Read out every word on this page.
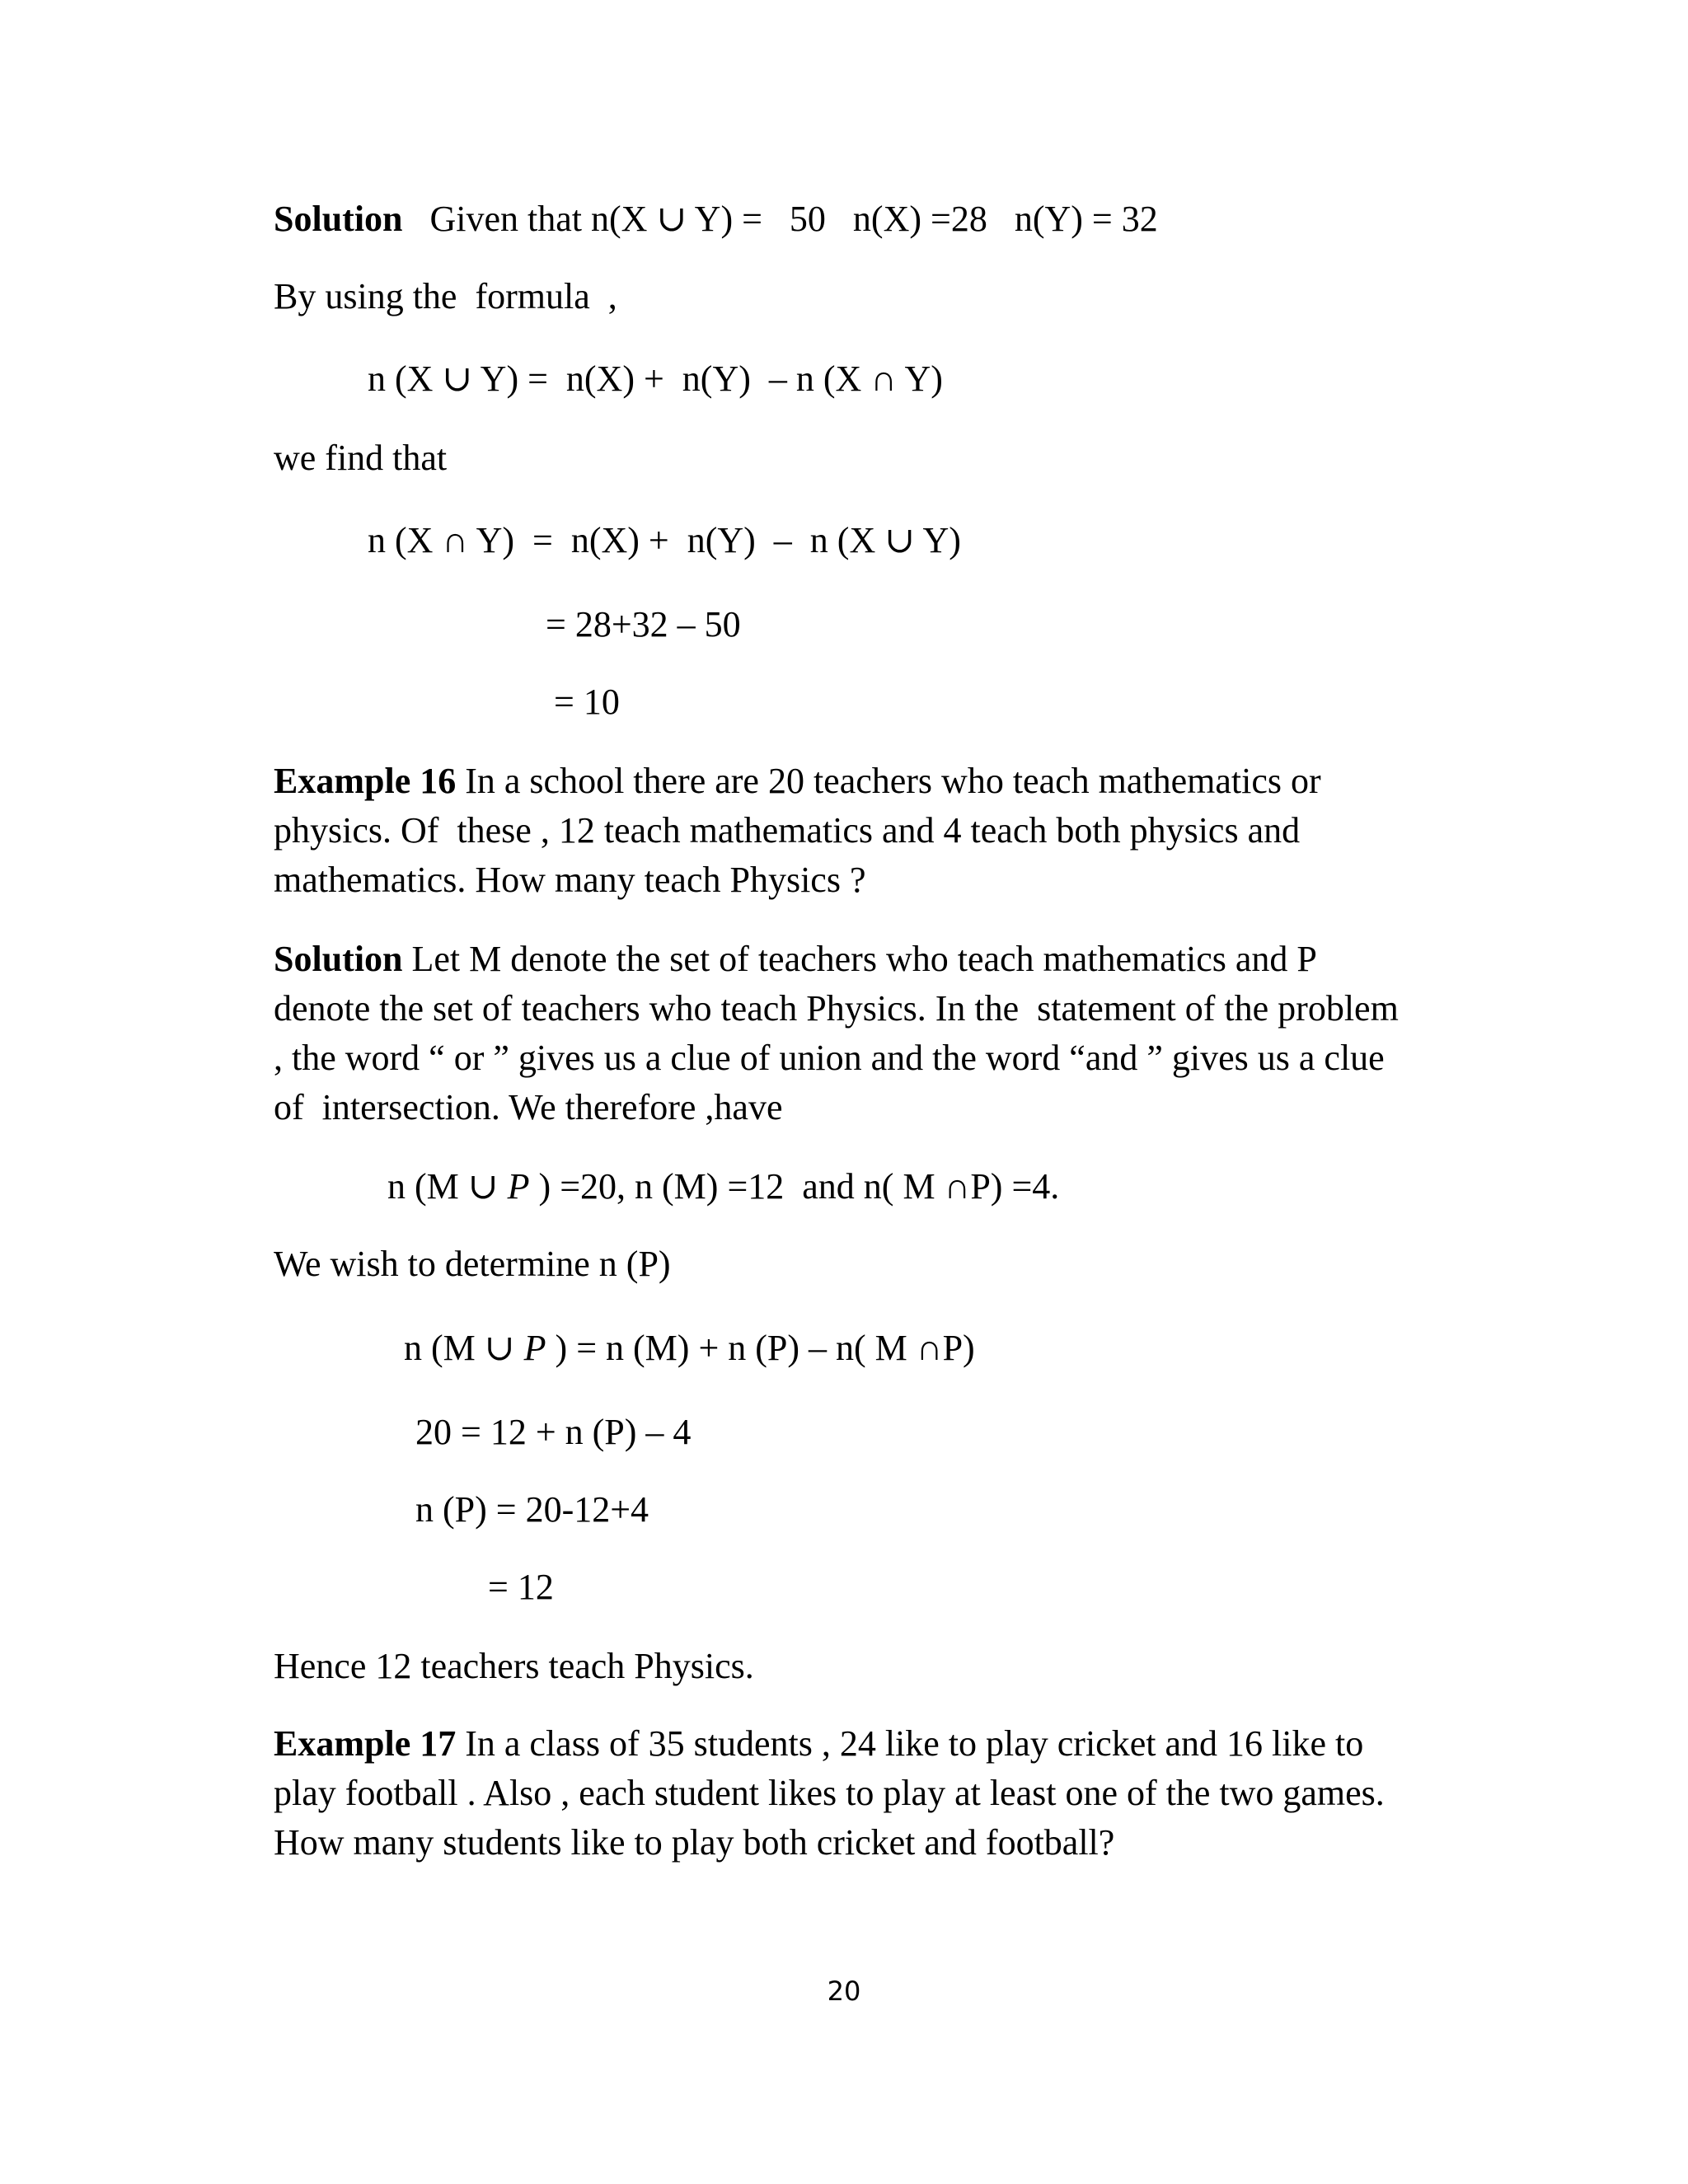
Solution Given that n(X ∪ Y) =   50   n(X) =28   n(Y) = 32
By using the  formula  ,
n (X ∪ Y) =  n(X) +  n(Y)  – n (X ∩ Y)
we find that
n (X ∩ Y)  =  n(X) +  n(Y)  –  n (X ∪ Y)
= 28+32 – 50
= 10
Example 16 In a school there are 20 teachers who teach mathematics or
physics. Of  these , 12 teach mathematics and 4 teach both physics and
mathematics. How many teach Physics ?
Solution Let M denote the set of teachers who teach mathematics and P
denote the set of teachers who teach Physics. In the  statement of the problem
, the word “ or ” gives us a clue of union and the word “and ” gives us a clue
of  intersection. We therefore ,have
n (M ∪ P ) =20, n (M) =12  and n( M ∩P) =4.
We wish to determine n (P)
n (M ∪ P ) = n (M) + n (P) – n( M ∩P)
20 = 12 + n (P) – 4
n (P) = 20-12+4
= 12
Hence 12 teachers teach Physics.
Example 17 In a class of 35 students , 24 like to play cricket and 16 like to
play football . Also , each student likes to play at least one of the two games.
How many students like to play both cricket and football?
20
